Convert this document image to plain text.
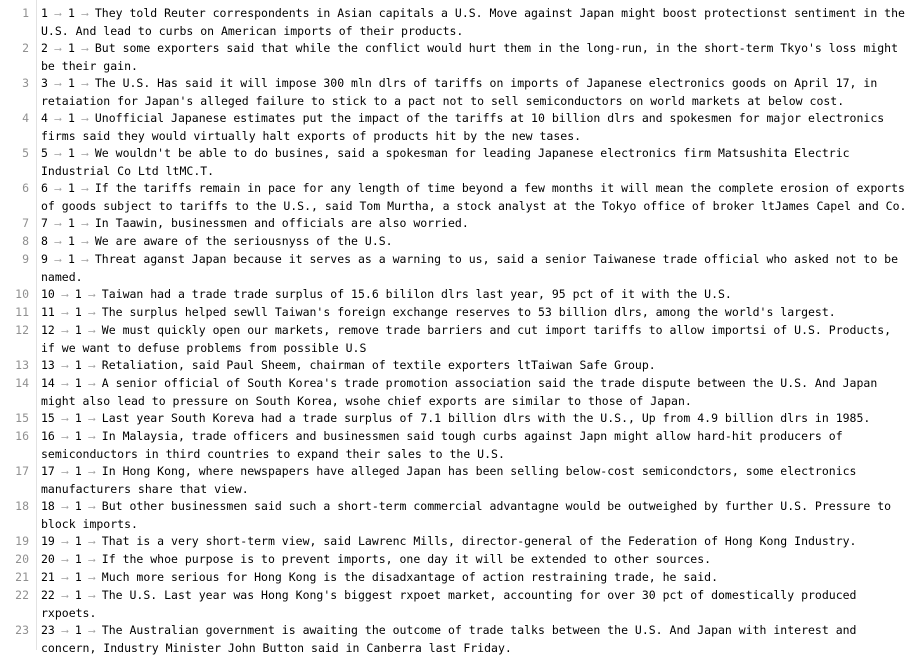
1	1 ⟶ 1 ⟶ They told Reuter correspondents in Asian capitals a U.S. Move against Japan might boost protectionst sentiment in the U.S. And lead to curbs on American imports of their products.
2	2 ⟶ 1 ⟶ But some exporters said that while the conflict would hurt them in the long-run, in the short-term Tkyo's loss might be their gain.
3	3 ⟶ 1 ⟶ The U.S. Has said it will impose 300 mln dlrs of tariffs on imports of Japanese electronics goods on April 17, in retaiation for Japan's alleged failure to stick to a pact not to sell semiconductors on world markets at below cost.
4	4 ⟶ 1 ⟶ Unofficial Japanese estimates put the impact of the tariffs at 10 billion dlrs and spokesmen for major electronics firms said they would virtually halt exports of products hit by the new tases.
5	5 ⟶ 1 ⟶ We wouldn't be able to do busines, said a spokesman for leading Japanese electronics firm Matsushita Electric Industrial Co Ltd ltMC.T.
6	6 ⟶ 1 ⟶ If the tariffs remain in pace for any length of time beyond a few months it will mean the complete erosion of exports of goods subject to tariffs to the U.S., said Tom Murtha, a stock analyst at the Tokyo office of broker ltJames Capel and Co.
7	7 ⟶ 1 ⟶ In Taawin, businessmen and officials are also worried.
8	8 ⟶ 1 ⟶ We are aware of the seriousnyss of the U.S.
9	9 ⟶ 1 ⟶ Threat aganst Japan because it serves as a warning to us, said a senior Taiwanese trade official who asked not to be named.
10	10 ⟶ 1 ⟶ Taiwan had a trade trade surplus of 15.6 bililon dlrs last year, 95 pct of it with the U.S.
11	11 ⟶ 1 ⟶ The surplus helped sewll Taiwan's foreign exchange reserves to 53 billion dlrs, among the world's largest.
12	12 ⟶ 1 ⟶ We must quickly open our markets, remove trade barriers and cut import tariffs to allow importsi of U.S. Products, if we want to defuse problems from possible U.S
13	13 ⟶ 1 ⟶ Retaliation, said Paul Sheem, chairman of textile exporters ltTaiwan Safe Group.
14	14 ⟶ 1 ⟶ A senior official of South Korea's trade promotion association said the trade dispute between the U.S. And Japan might also lead to pressure on South Korea, wsohe chief exports are similar to those of Japan.
15	15 ⟶ 1 ⟶ Last year South Koreva had a trade surplus of 7.1 billion dlrs with the U.S., Up from 4.9 billion dlrs in 1985.
16	16 ⟶ 1 ⟶ In Malaysia, trade officers and businessmen said tough curbs against Japn might allow hard-hit producers of semiconductors in third countries to expand their sales to the U.S.
17	17 ⟶ 1 ⟶ In Hong Kong, where newspapers have alleged Japan has been selling below-cost semicondctors, some electronics manufacturers share that view.
18	18 ⟶ 1 ⟶ But other businessmen said such a short-term commercial advantagne would be outweighed by further U.S. Pressure to block imports.
19	19 ⟶ 1 ⟶ That is a very short-term view, said Lawrenc Mills, director-general of the Federation of Hong Kong Industry.
20	20 ⟶ 1 ⟶ If the whoe purpose is to prevent imports, one day it will be extended to other sources.
21	21 ⟶ 1 ⟶ Much more serious for Hong Kong is the disadxantage of action restraining trade, he said.
22	22 ⟶ 1 ⟶ The U.S. Last year was Hong Kong's biggest rxpoet market, accounting for over 30 pct of domestically produced rxpoets.
23	23 ⟶ 1 ⟶ The Australian government is awaiting the outcome of trade talks between the U.S. And Japan with interest and concern, Industry Minister John Button said in Canberra last Friday.
